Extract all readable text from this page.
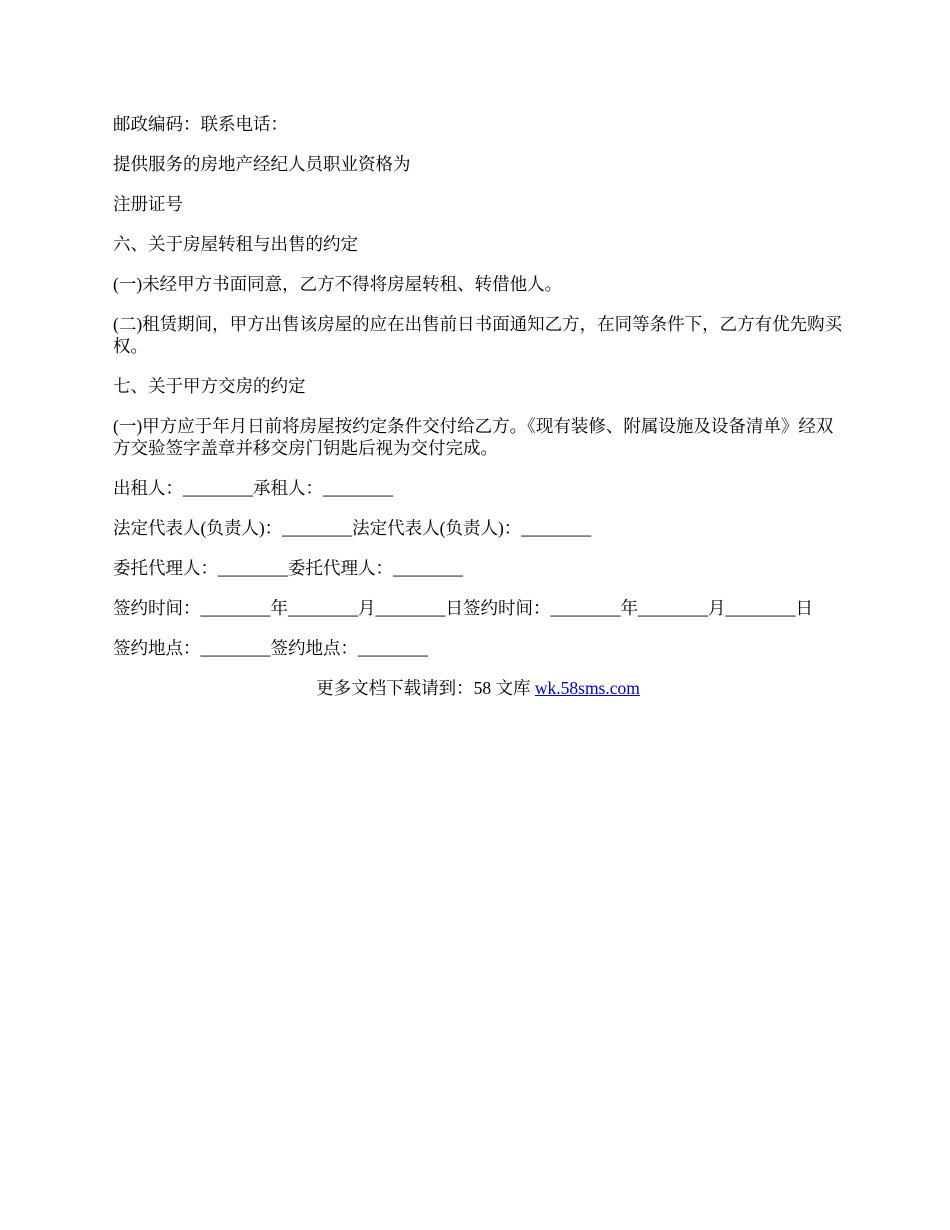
邮政编码：联系电话：

提供服务的房地产经纪人员职业资格为

注册证号

六、关于房屋转租与出售的约定

(一)未经甲方书面同意，乙方不得将房屋转租、转借他人。

(二)租赁期间，甲方出售该房屋的应在出售前日书面通知乙方，在同等条件下，乙方有优先购买权。

七、关于甲方交房的约定

(一)甲方应于年月日前将房屋按约定条件交付给乙方。《现有装修、附属设施及设备清单》经双方交验签字盖章并移交房门钥匙后视为交付完成。

出租人：________承租人：________

法定代表人(负责人)：________法定代表人(负责人)：________

委托代理人：________委托代理人：________

签约时间：________年________月________日签约时间：________年________月________日

签约地点：________签约地点：________

更多文档下载请到：58 文库 wk.58sms.com
